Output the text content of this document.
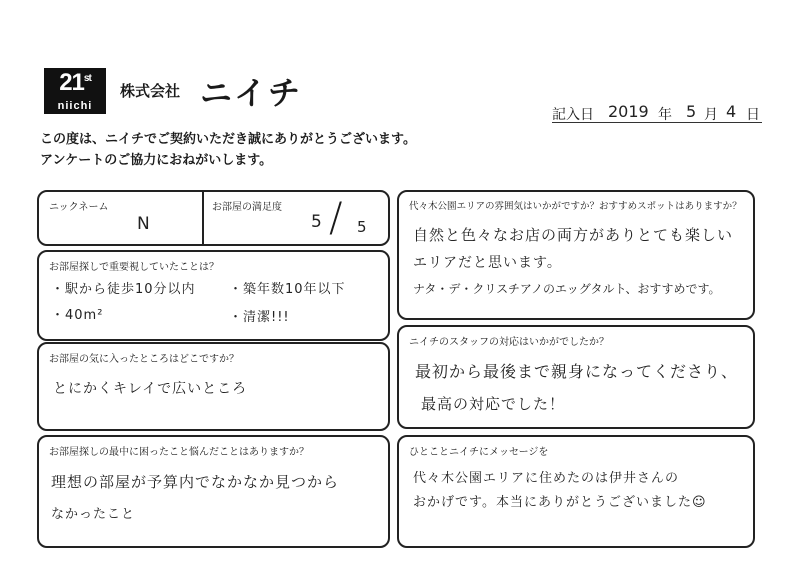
21st
niichi
株式会社 ニイチ
記入日 2019 年 5 月 4 日
この度は、ニイチでご契約いただき誠にありがとうございます。
アンケートのご協力におねがいします。
ニックネーム
N
お部屋の満足度
5 / 5
お部屋探しで重要視していたことは？
・駅から徒歩10分以内	・築年数10年以下
・40m²	・清潔!!!
お部屋の気に入ったところはどこですか？
とにかくキレイで広いところ
お部屋探しの最中に困ったこと悩んだことはありますか？
理想の部屋が予算内でなかなか見つから
なかったこと
代々木公園エリアの雰囲気はいかがですか？おすすめスポットはありますか？
自然と色々なお店の両方がありとても楽しい
エリアだと思います。
ナタ・デ・クリスチアノのエッグタルト、おすすめです。
ニイチのスタッフの対応はいかがでしたか？
最初から最後まで親身になってくださり、
最高の対応でした！
ひとことニイチにメッセージを
代々木公園エリアに住めたのは伊井さんの
おかげです。本当にありがとうございました☺
